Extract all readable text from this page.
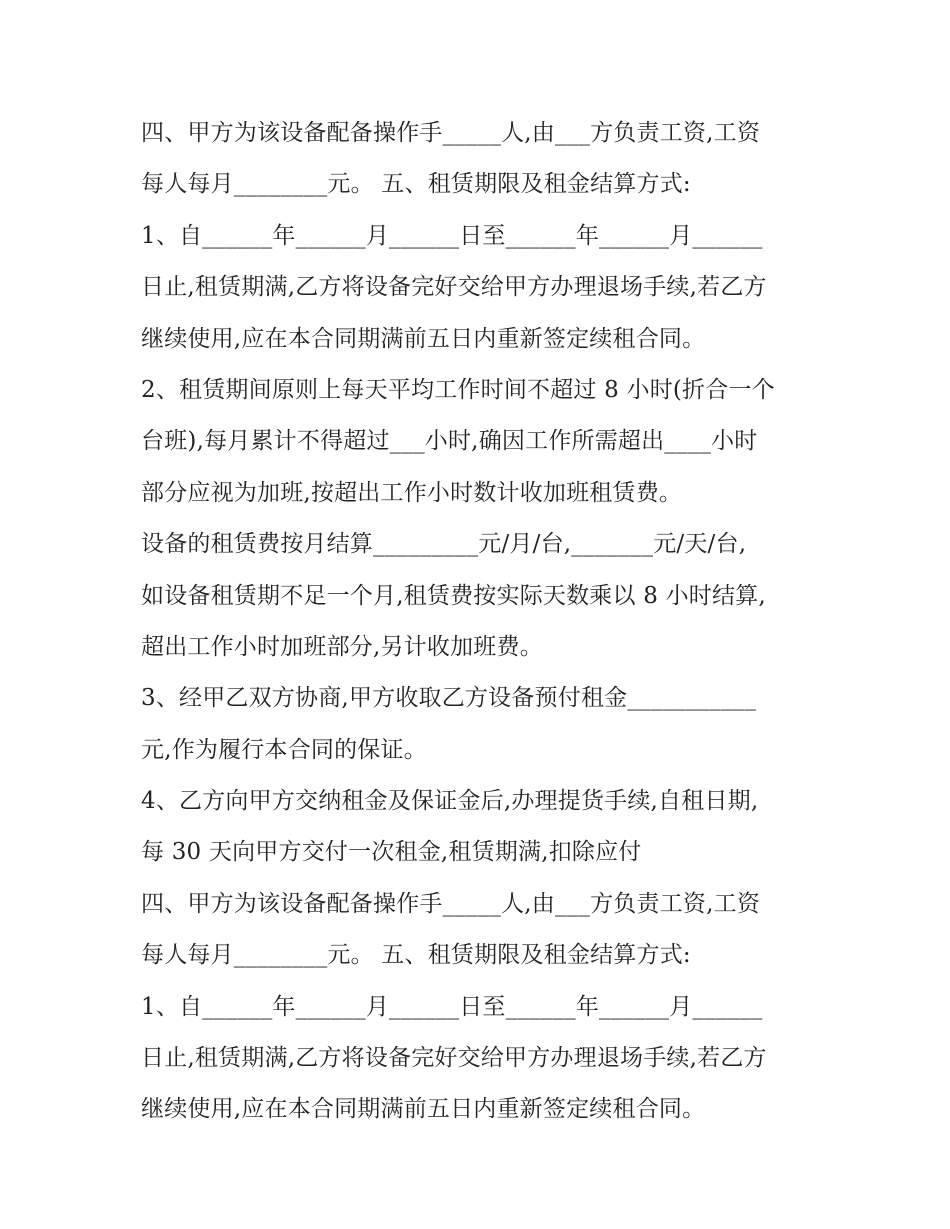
四、甲方为该设备配备操作手_____人,由___方负责工资,工资
每人每月________元。 五、租赁期限及租金结算方式:
1、自______年______月______日至______年______月______
日止,租赁期满,乙方将设备完好交给甲方办理退场手续,若乙方
继续使用,应在本合同期满前五日内重新签定续租合同。
2、租赁期间原则上每天平均工作时间不超过 8 小时(折合一个
台班),每月累计不得超过___小时,确因工作所需超出____小时
部分应视为加班,按超出工作小时数计收加班租赁费。
设备的租赁费按月结算_________元/月/台,_______元/天/台,
如设备租赁期不足一个月,租赁费按实际天数乘以 8 小时结算,
超出工作小时加班部分,另计收加班费。
3、经甲乙双方协商,甲方收取乙方设备预付租金___________
元,作为履行本合同的保证。
4、乙方向甲方交纳租金及保证金后,办理提货手续,自租日期,
每 30 天向甲方交付一次租金,租赁期满,扣除应付
四、甲方为该设备配备操作手_____人,由___方负责工资,工资
每人每月________元。 五、租赁期限及租金结算方式:
1、自______年______月______日至______年______月______
日止,租赁期满,乙方将设备完好交给甲方办理退场手续,若乙方
继续使用,应在本合同期满前五日内重新签定续租合同。
